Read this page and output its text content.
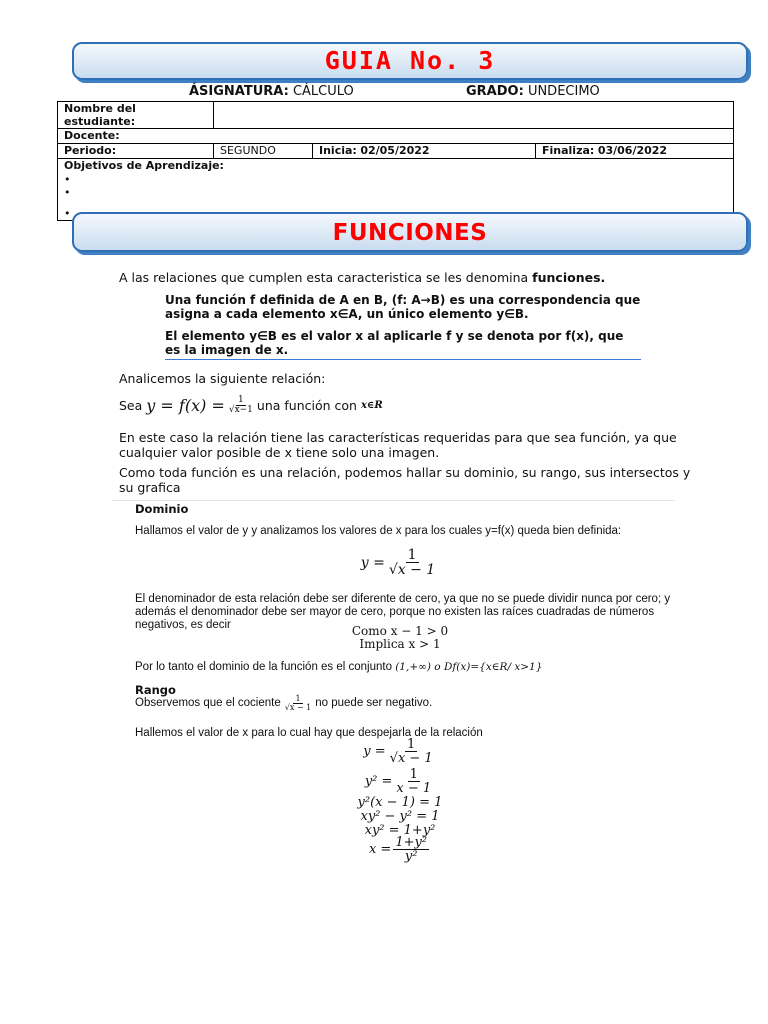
GUIA No. 3
ÁSIGNATURA: CÁLCULO	GRADO: UNDECIMO
Nombre del estudiante:			
Docente:			
Periodo:	SEGUNDO	Inicia: 02/05/2022	Finaliza: 03/06/2022

Objetivos de Aprendizaje:
•
•
•			
FUNCIONES
A las relaciones que cumplen esta caracteristica se les denomina funciones.

Una función f definida de A en B, (f: A→B) es una correspondencia que asigna a cada elemento x∈A, un único elemento y∈B.

El elemento y∈B es el valor x al aplicarle f y se denota por f(x), que es la imagen de x.

Analicemos la siguiente relación:
Sea
$y = f(x) = \frac{1}{√x-1}$ una función con
x∈R
En este caso la relación tiene las características requeridas para que sea función, ya que cualquier valor posible de x tiene solo una imagen.
Como toda función es una relación, podemos hallar su dominio, su rango, sus intersectos y su grafica
Dominio
Hallamos el valor de y y analizamos los valores de x para los cuales y=f(x) queda bien definida:
$y = \frac{1}{√x - 1}$
El denominador de esta relación debe ser diferente de cero, ya que no se puede dividir nunca por cero; y además el denominador debe ser mayor de cero, porque no existen las raíces cuadradas de números negativos, es decir	Como x − 1 > 0
Implica x > 1
Por lo tanto el dominio de la función es el conjunto (1,+∞) o Df(x)={x∈R/ x>1}
Rango
Observemos que el cociente $\frac{1}{√x - 1}$ no puede ser negativo.
Hallemos el valor de x para lo cual hay que despejarla de la relación
$y = \frac{1}{√x - 1}$
$y^2 = \frac{1}{x - 1}$
y²(x − 1) = 1
xy² − y² = 1
xy² = 1+y²
$x = \frac{\text{1+y²}}{\text{y²}}$
